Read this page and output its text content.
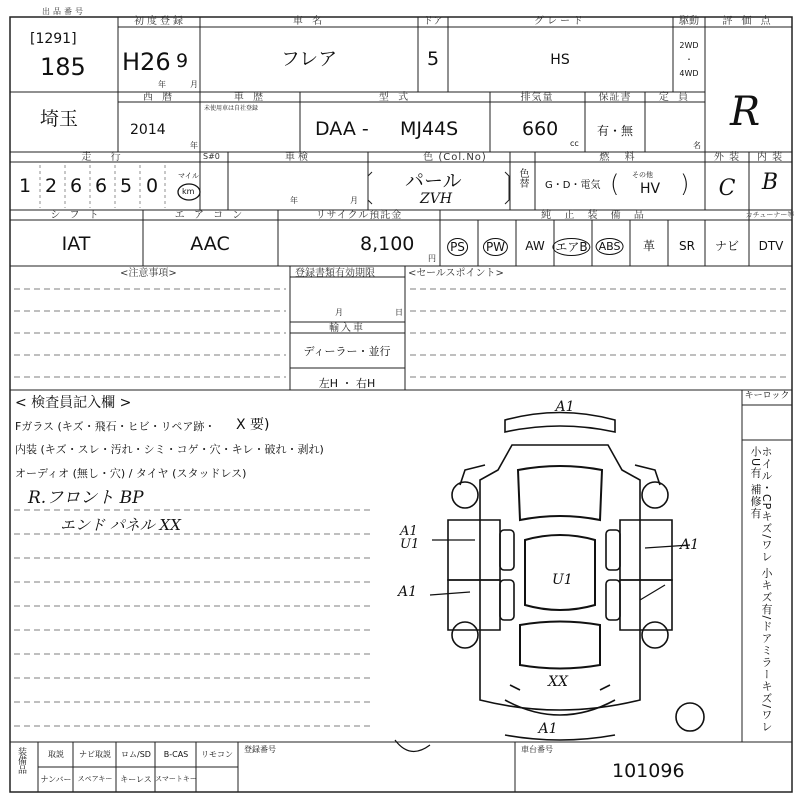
出品番号
[1291]
185
初度登録
H26 9
年	月
車 名
フレア
ドア
5
グレード
HS
駆動
2WD
・
4WD
評 価 点
R
埼玉
西 暦
2014
年
車 歴
未使用車は自社登録
型 式
DAA - MJ44S
排気量
660
cc
保証書
有・無
定 員
名
走 行
1 2 6 6 5 0	マイル
km
S#0	車検
年	月
色 (Col.No)
パール
ZVH
色替
燃 料
G・D・電気 ( その他
HV )
外 装
C
内 装
B
シ フ ト
IAT
エ ア コ ン
AAC
リサイクル預託金
8,100
円
純 正 装 備 品	カチューナー等
PS PW AW エアB ABS 革 SR ナビ DTV
<注意事項>	登録書類有効期限
月	日
輸入車
ディーラー・並行
左H ・ 右H
<セールスポイント>
< 検査員記入欄 >
Fガラス (キズ・飛石・ヒビ・リペア跡・ X 要)
内装 (キズ・スレ・汚れ・シミ・コゲ・穴・キレ・破れ・剥れ)
オーディオ (無し・穴) / タイヤ (スタッドレス)
R.フロント BP
エンド パネル XX
A1
A1 U1
A1
A1
U1
XX
A1
キーロック
ホイル・CPキズ/ワレ 小キズ有/ドアミラーキズ/ワレ 小U有 補修有
装備品	取説 ナビ取説 ロム/SD B-CAS リモコン
ナンバー スペアキー キーレス スマートキー
登録番号	車台番号
101096
